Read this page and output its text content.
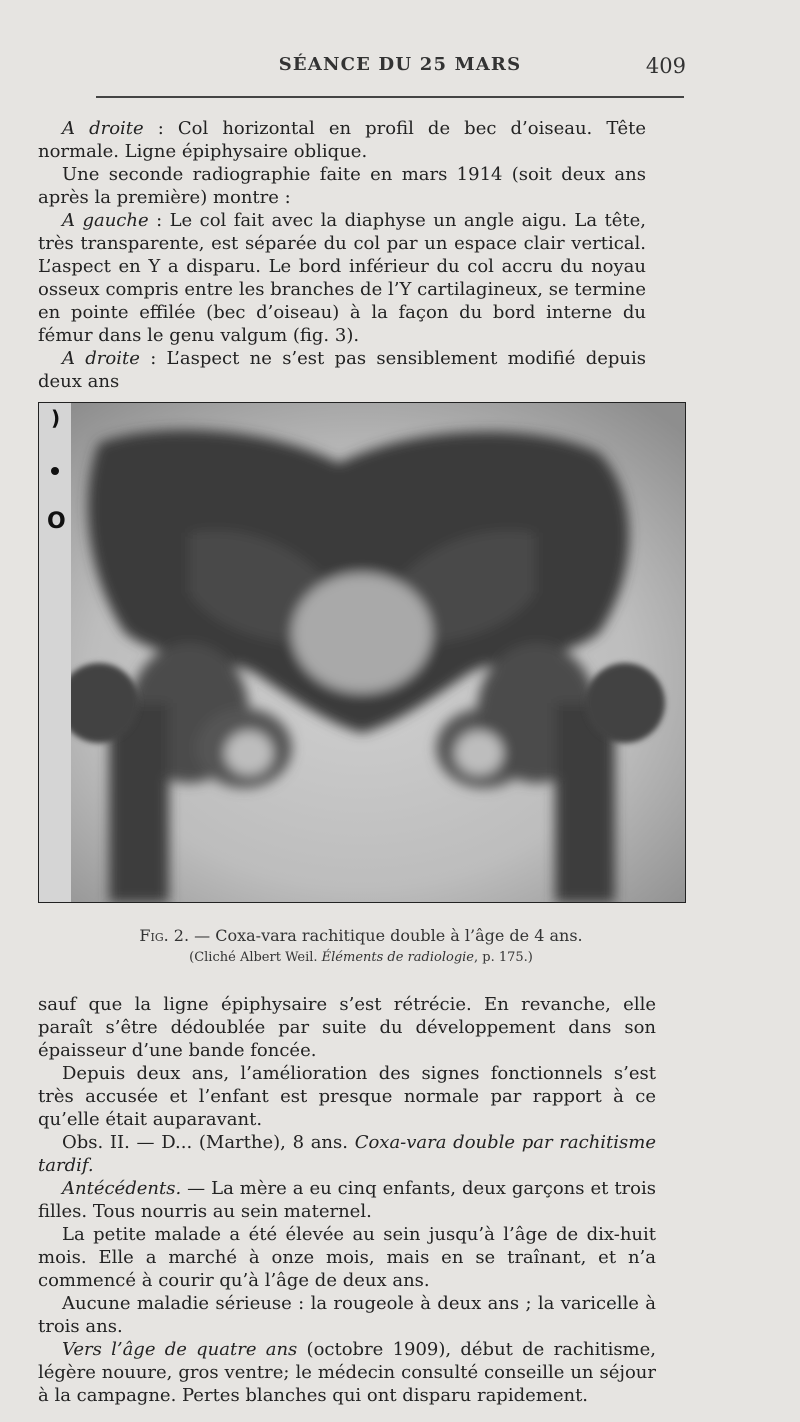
SÉANCE DU 25 MARS	409

A droite : Col horizontal en profil de bec d’oiseau. Tête normale. Ligne épiphysaire oblique.

Une seconde radiographie faite en mars 1914 (soit deux ans après la première) montre :

A gauche : Le col fait avec la diaphyse un angle aigu. La tête, très transparente, est séparée du col par un espace clair vertical. L’aspect en Y a disparu. Le bord inférieur du col accru du noyau osseux compris entre les branches de l’Y cartilagineux, se termine en pointe effilée (bec d’oiseau) à la façon du bord interne du fémur dans le genu valgum (fig. 3).

A droite : L’aspect ne s’est pas sensiblement modifié depuis deux ans

)
O
Fig. 2. — Coxa-vara rachitique double à l’âge de 4 ans.
(Cliché Albert Weil. Éléments de radiologie, p. 175.)

sauf que la ligne épiphysaire s’est rétrécie. En revanche, elle paraît s’être dédoublée par suite du développement dans son épaisseur d’une bande foncée.

Depuis deux ans, l’amélioration des signes fonctionnels s’est très accusée et l’enfant est presque normale par rapport à ce qu’elle était auparavant.

Obs. II. — D... (Marthe), 8 ans. Coxa-vara double par rachitisme tardif.

Antécédents. — La mère a eu cinq enfants, deux garçons et trois filles. Tous nourris au sein maternel.

La petite malade a été élevée au sein jusqu’à l’âge de dix-huit mois. Elle a marché à onze mois, mais en se traînant, et n’a commencé à courir qu’à l’âge de deux ans.

Aucune maladie sérieuse : la rougeole à deux ans ; la varicelle à trois ans.

Vers l’âge de quatre ans (octobre 1909), début de rachitisme, légère nouure, gros ventre; le médecin consulté conseille un séjour à la campagne. Pertes blanches qui ont disparu rapidement.
